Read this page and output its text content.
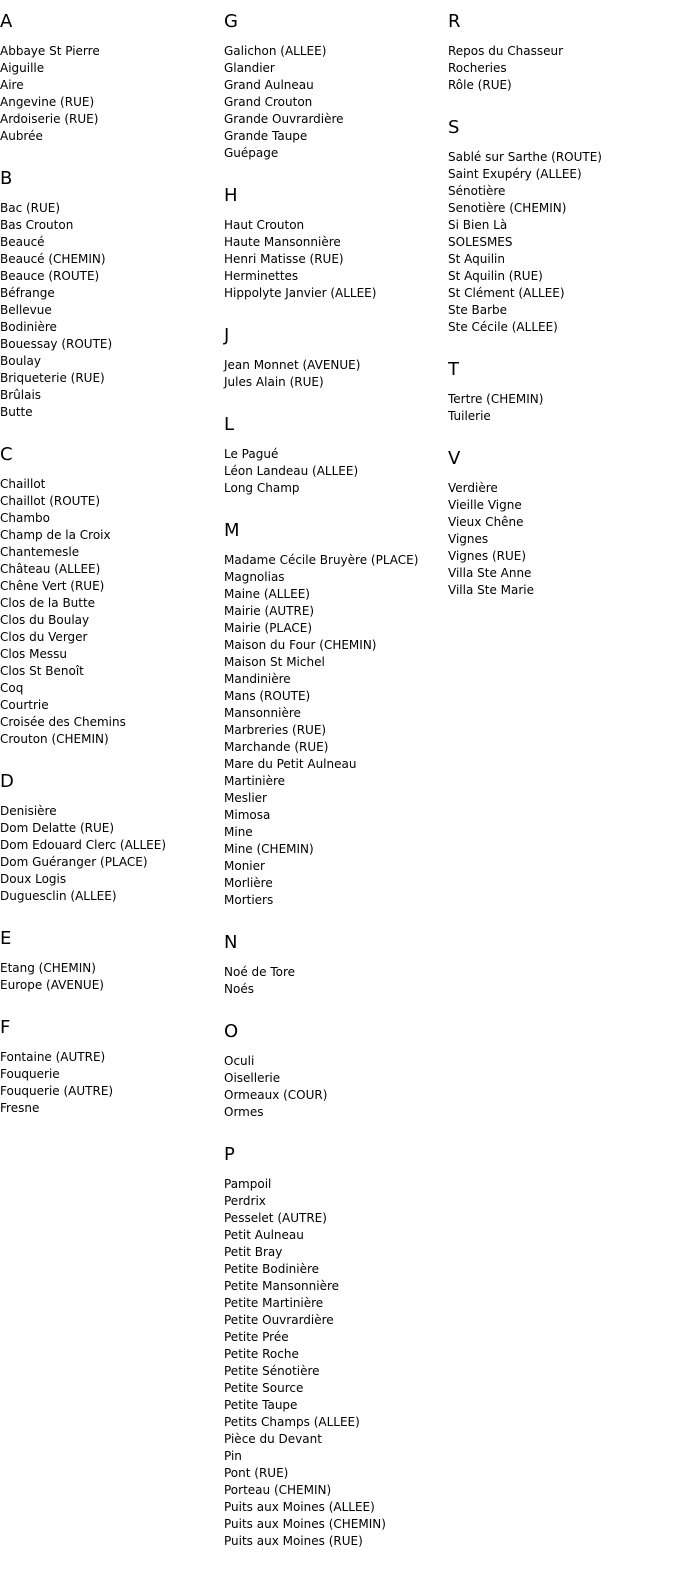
A
Abbaye St Pierre
Aiguille
Aire
Angevine (RUE)
Ardoiserie (RUE)
Aubrée
B
Bac (RUE)
Bas Crouton
Beaucé
Beaucé (CHEMIN)
Beauce (ROUTE)
Béfrange
Bellevue
Bodinière
Bouessay (ROUTE)
Boulay
Briqueterie (RUE)
Brûlais
Butte
C
Chaillot
Chaillot (ROUTE)
Chambo
Champ de la Croix
Chantemesle
Château (ALLEE)
Chêne Vert (RUE)
Clos de la Butte
Clos du Boulay
Clos du Verger
Clos Messu
Clos St Benoît
Coq
Courtrie
Croisée des Chemins
Crouton (CHEMIN)
D
Denisière
Dom Delatte (RUE)
Dom Edouard Clerc (ALLEE)
Dom Guéranger (PLACE)
Doux Logis
Duguesclin (ALLEE)
E
Etang (CHEMIN)
Europe (AVENUE)
F
Fontaine (AUTRE)
Fouquerie
Fouquerie (AUTRE)
Fresne
G
Galichon (ALLEE)
Glandier
Grand Aulneau
Grand Crouton
Grande Ouvrardière
Grande Taupe
Guépage
H
Haut Crouton
Haute Mansonnière
Henri Matisse (RUE)
Herminettes
Hippolyte Janvier (ALLEE)
J
Jean Monnet (AVENUE)
Jules Alain (RUE)
L
Le Pagué
Léon Landeau (ALLEE)
Long Champ
M
Madame Cécile Bruyère (PLACE)
Magnolias
Maine (ALLEE)
Mairie (AUTRE)
Mairie (PLACE)
Maison du Four (CHEMIN)
Maison St Michel
Mandinière
Mans (ROUTE)
Mansonnière
Marbreries (RUE)
Marchande (RUE)
Mare du Petit Aulneau
Martinière
Meslier
Mimosa
Mine
Mine (CHEMIN)
Monier
Morlière
Mortiers
N
Noé de Tore
Noés
O
Oculi
Oisellerie
Ormeaux (COUR)
Ormes
P
Pampoil
Perdrix
Pesselet (AUTRE)
Petit Aulneau
Petit Bray
Petite Bodinière
Petite Mansonnière
Petite Martinière
Petite Ouvrardière
Petite Prée
Petite Roche
Petite Sénotière
Petite Source
Petite Taupe
Petits Champs (ALLEE)
Pièce du Devant
Pin
Pont (RUE)
Porteau (CHEMIN)
Puits aux Moines (ALLEE)
Puits aux Moines (CHEMIN)
Puits aux Moines (RUE)
R
Repos du Chasseur
Rocheries
Rôle (RUE)
S
Sablé sur Sarthe (ROUTE)
Saint Exupéry (ALLEE)
Sénotière
Senotière (CHEMIN)
Si Bien Là
SOLESMES
St Aquilin
St Aquilin (RUE)
St Clément (ALLEE)
Ste Barbe
Ste Cécile (ALLEE)
T
Tertre (CHEMIN)
Tuilerie
V
Verdière
Vieille Vigne
Vieux Chêne
Vignes
Vignes (RUE)
Villa Ste Anne
Villa Ste Marie
